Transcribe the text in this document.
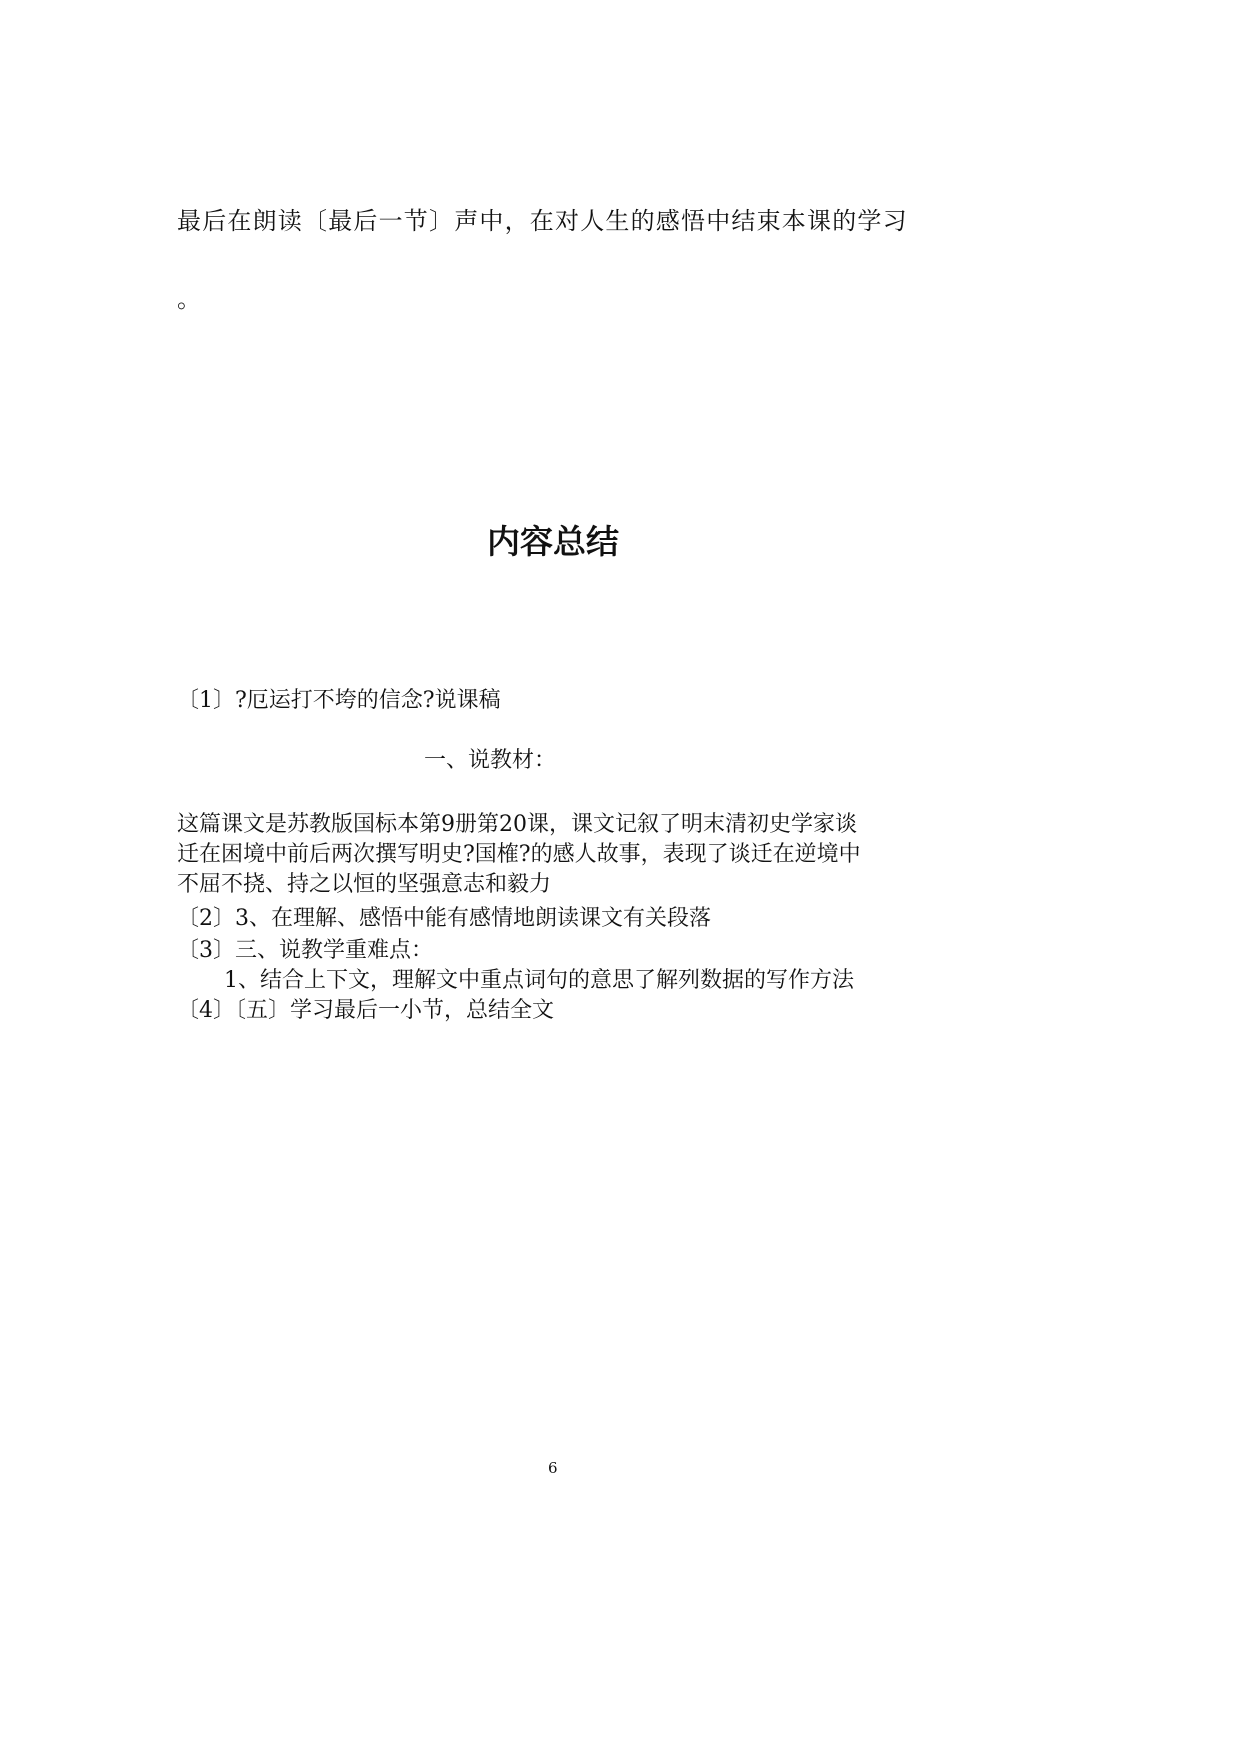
最后在朗读〔最后一节〕声中，在对人生的感悟中结束本课的学习
。
内容总结
〔1〕?厄运打不垮的信念?说课稿
一、说教材：
这篇课文是苏教版国标本第9册第20课，课文记叙了明末清初史学家谈
迁在困境中前后两次撰写明史?国榷?的感人故事，表现了谈迁在逆境中
不屈不挠、持之以恒的坚强意志和毅力
〔2〕3、在理解、感悟中能有感情地朗读课文有关段落
〔3〕三、说教学重难点：
1、结合上下文，理解文中重点词句的意思了解列数据的写作方法
〔4〕〔五〕学习最后一小节，总结全文
6
